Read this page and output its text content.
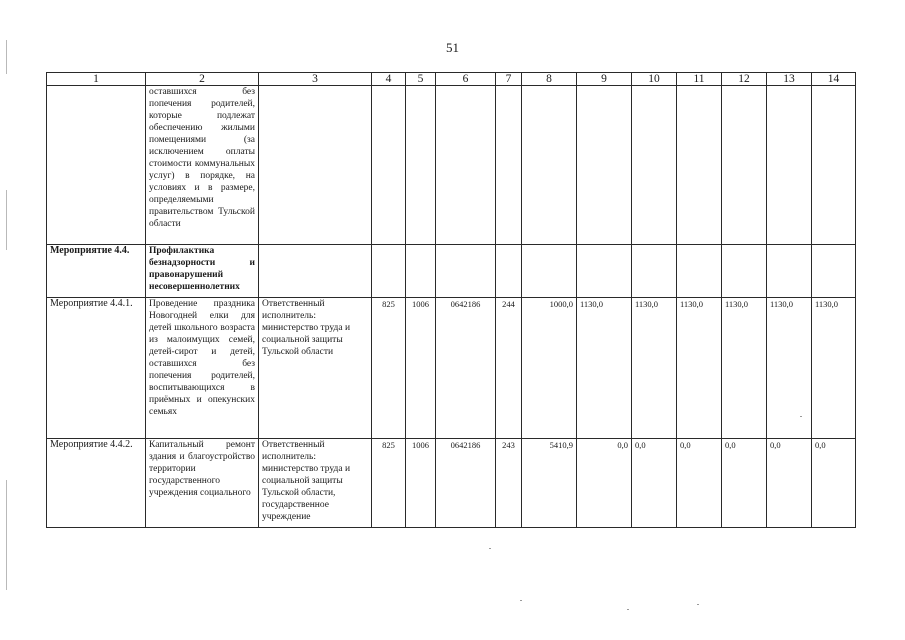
51
1	2	3	4	5	6	7	8	9	10	11	12	13	14
	оставшихся без попечения родителей, которые подлежат обеспечению жилыми помещениями (за исключением оплаты стоимости коммунальных услуг) в порядке, на условиях и в размере, определяемыми правительством Тульской области												
Мероприятие 4.4.	Профилактика безнадзорности и правонарушений несовершеннолетних												
Мероприятие 4.4.1.	Проведение праздника Новогодней елки для детей школьного возраста из малоимущих семей, детей-сирот и детей, оставшихся без попечения родителей, воспитывающихся в приёмных и опекунских семьях	Ответственный исполнитель: министерство труда и социальной защиты Тульской области	825	1006	0642186	244	1000,0	1130,0	1130,0	1130,0	1130,0	1130,0	1130,0
Мероприятие 4.4.2.	Капитальный ремонт здания и благоустройство территории государственного учреждения социального	Ответственный исполнитель: министерство труда и социальной защиты Тульской области, государственное учреждение	825	1006	0642186	243	5410,9	0,0	0,0	0,0	0,0	0,0	0,0
